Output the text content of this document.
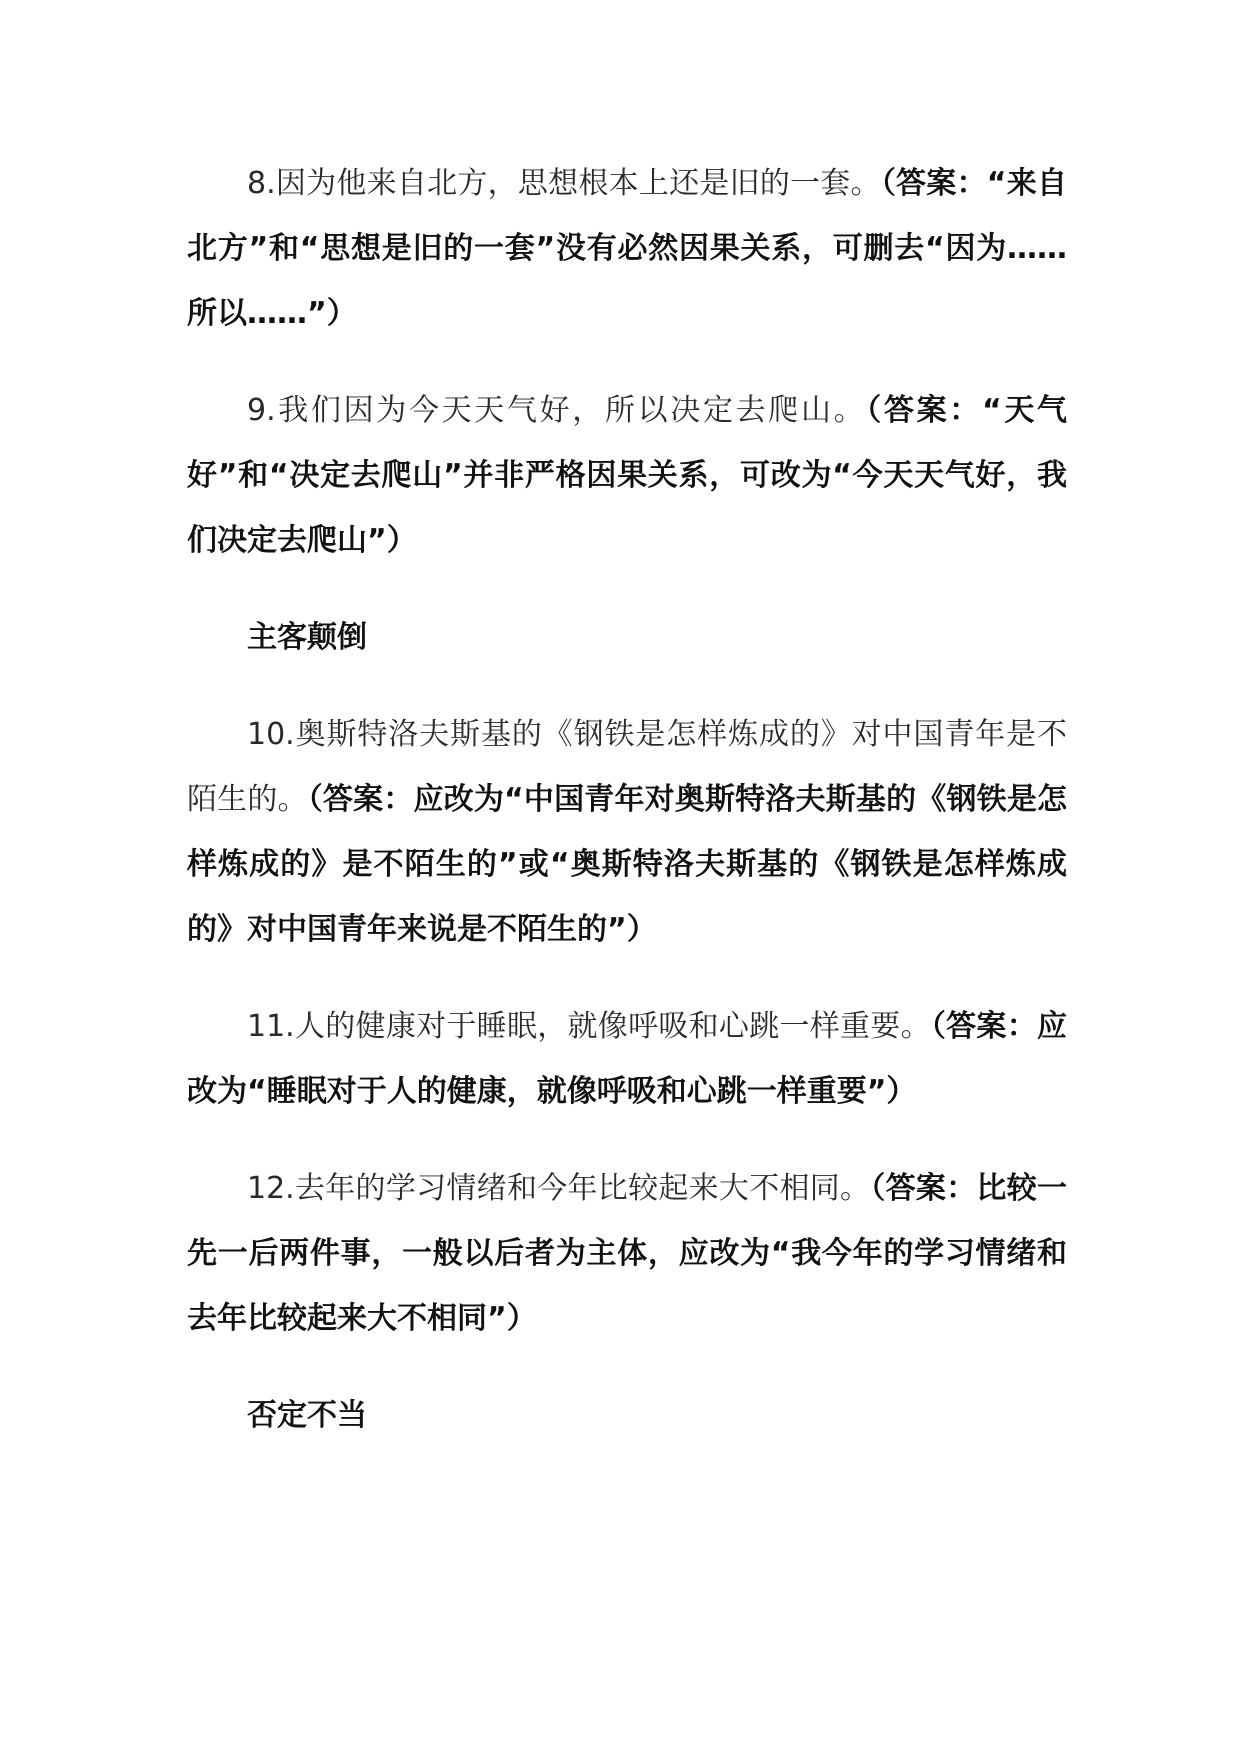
8.因为他来自北方，思想根本上还是旧的一套。（答案：“来自北方”和“思想是旧的一套”没有必然因果关系，可删去“因为……所以……”）

9.我们因为今天天气好，所以决定去爬山。（答案：“天气好”和“决定去爬山”并非严格因果关系，可改为“今天天气好，我们决定去爬山”）

主客颠倒

10.奥斯特洛夫斯基的《钢铁是怎样炼成的》对中国青年是不陌生的。（答案：应改为“中国青年对奥斯特洛夫斯基的《钢铁是怎样炼成的》是不陌生的”或“奥斯特洛夫斯基的《钢铁是怎样炼成的》对中国青年来说是不陌生的”）

11.人的健康对于睡眠，就像呼吸和心跳一样重要。（答案：应改为“睡眠对于人的健康，就像呼吸和心跳一样重要”）

12.去年的学习情绪和今年比较起来大不相同。（答案：比较一先一后两件事，一般以后者为主体，应改为“我今年的学习情绪和去年比较起来大不相同”）

否定不当
